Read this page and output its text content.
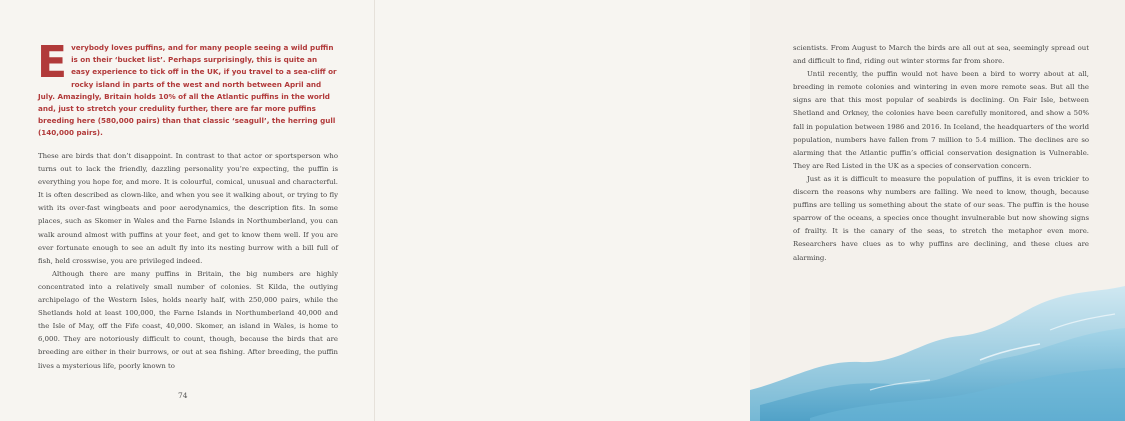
Everybody loves puffins, and for many people seeing a wild puffin is on their ‘bucket list’. Perhaps surprisingly, this is quite an easy experience to tick off in the UK, if you travel to a sea-cliff or rocky island in parts of the west and north between April and July. Amazingly, Britain holds 10% of all the Atlantic puffins in the world and, just to stretch your credulity further, there are far more puffins breeding here (580,000 pairs) than that classic ‘seagull’, the herring gull (140,000 pairs).

These are birds that don’t disappoint. In contrast to that actor or sportsperson who turns out to lack the friendly, dazzling personality you’re expecting, the puffin is everything you hope for, and more. It is colourful, comical, unusual and characterful. It is often described as clown-like, and when you see it walking about, or trying to fly with its over-fast wingbeats and poor aerodynamics, the description fits. In some places, such as Skomer in Wales and the Farne Islands in Northumberland, you can walk around almost with puffins at your feet, and get to know them well. If you are ever fortunate enough to see an adult fly into its nesting burrow with a bill full of fish, held crosswise, you are privileged indeed.

Although there are many puffins in Britain, the big numbers are highly concentrated into a relatively small number of colonies. St Kilda, the outlying archipelago of the Western Isles, holds nearly half, with 250,000 pairs, while the Shetlands hold at least 100,000, the Farne Islands in Northumberland 40,000 and the Isle of May, off the Fife coast, 40,000. Skomer, an island in Wales, is home to 6,000. They are notoriously difficult to count, though, because the birds that are breeding are either in their burrows, or out at sea fishing. After breeding, the puffin lives a mysterious life, poorly known to

74

scientists. From August to March the birds are all out at sea, seemingly spread out and difficult to find, riding out winter storms far from shore.

Until recently, the puffin would not have been a bird to worry about at all, breeding in remote colonies and wintering in even more remote seas. But all the signs are that this most popular of seabirds is declining. On Fair Isle, between Shetland and Orkney, the colonies have been carefully monitored, and show a 50% fall in population between 1986 and 2016. In Iceland, the headquarters of the world population, numbers have fallen from 7 million to 5.4 million. The declines are so alarming that the Atlantic puffin’s official conservation designation is Vulnerable. They are Red Listed in the UK as a species of conservation concern.

Just as it is difficult to measure the population of puffins, it is even trickier to discern the reasons why numbers are falling. We need to know, though, because puffins are telling us something about the state of our seas. The puffin is the house sparrow of the oceans, a species once thought invulnerable but now showing signs of frailty. It is the canary of the seas, to stretch the metaphor even more. Researchers have clues as to why puffins are declining, and these clues are alarming.
